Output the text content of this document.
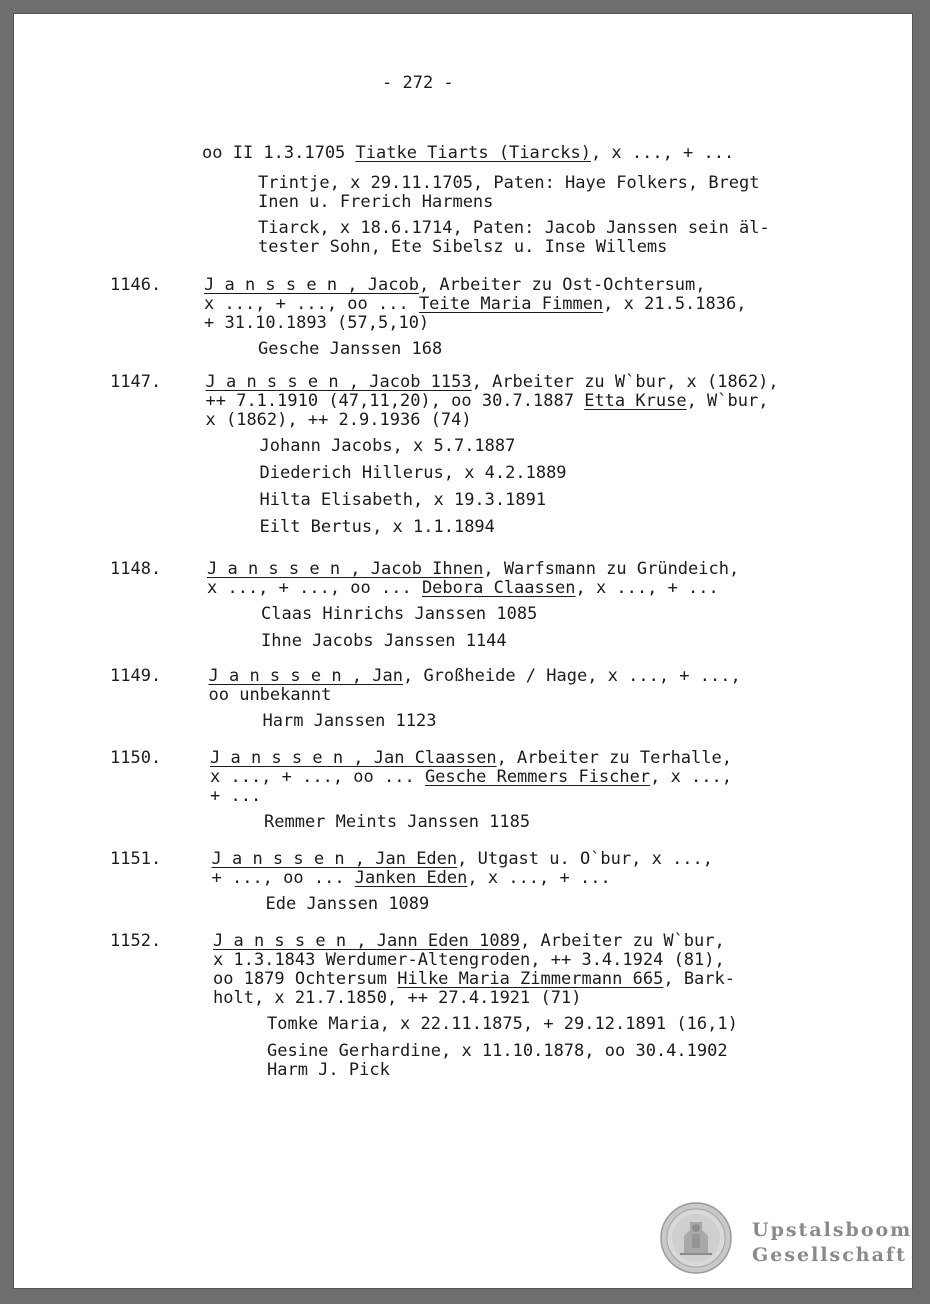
- 272 -
oo II 1.3.1705 Tiatke Tiarts (Tiarcks), x ..., + ...
Trintje, x 29.11.1705, Paten: Haye Folkers, Bregt
Inen u. Frerich Harmens
Tiarck, x 18.6.1714, Paten: Jacob Janssen sein äl-
tester Sohn, Ete Sibelsz u. Inse Willems
1146.	J a n s s e n , Jacob, Arbeiter zu Ost-Ochtersum,
x ..., + ..., oo ... Teite Maria Fimmen, x 21.5.1836,
+ 31.10.1893 (57,5,10)
Gesche Janssen 168
1147.	J a n s s e n , Jacob 1153, Arbeiter zu W`bur, x (1862),
++ 7.1.1910 (47,11,20), oo 30.7.1887 Etta Kruse, W`bur,
x (1862), ++ 2.9.1936 (74)
Johann Jacobs, x 5.7.1887
Diederich Hillerus, x 4.2.1889
Hilta Elisabeth, x 19.3.1891
Eilt Bertus, x 1.1.1894
1148.	J a n s s e n , Jacob Ihnen, Warfsmann zu Gründeich,
x ..., + ..., oo ... Debora Claassen, x ..., + ...
Claas Hinrichs Janssen 1085
Ihne Jacobs Janssen 1144
1149.	J a n s s e n , Jan, Großheide / Hage, x ..., + ...,
oo unbekannt
Harm Janssen 1123
1150.	J a n s s e n , Jan Claassen, Arbeiter zu Terhalle,
x ..., + ..., oo ... Gesche Remmers Fischer, x ...,
+ ...
Remmer Meints Janssen 1185
1151.	J a n s s e n , Jan Eden, Utgast u. O`bur, x ...,
+ ..., oo ... Janken Eden, x ..., + ...
Ede Janssen 1089
1152.	J a n s s e n , Jann Eden 1089, Arbeiter zu W`bur,
x 1.3.1843 Werdumer-Altengroden, ++ 3.4.1924 (81),
oo 1879 Ochtersum Hilke Maria Zimmermann 665, Bark-
holt, x 21.7.1850, ++ 27.4.1921 (71)
Tomke Maria, x 22.11.1875, + 29.12.1891 (16,1)
Gesine Gerhardine, x 11.10.1878, oo 30.4.1902
Harm J. Pick
Upstalsboom
Gesellschaft
